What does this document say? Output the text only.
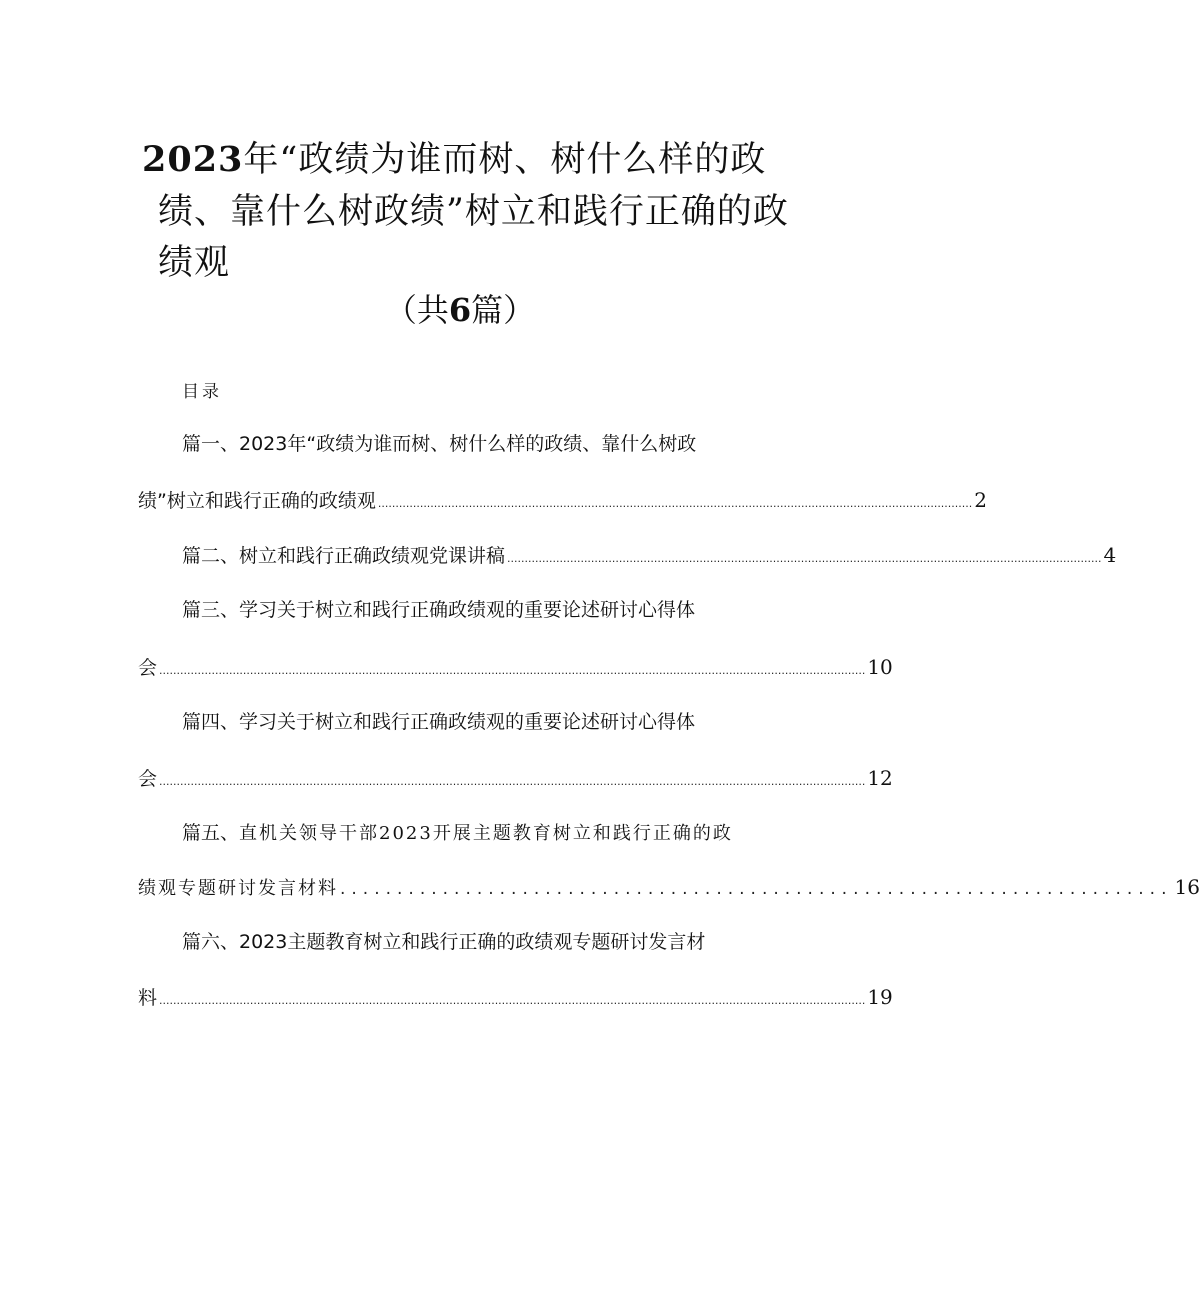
2023年“政绩为谁而树、树什么样的政
绩、靠什么树政绩”树立和践行正确的政
绩观
（共6篇）
目录
篇一、2023年“政绩为谁而树、树什么样的政绩、靠什么树政
绩”树立和践行正确的政绩观 .......................................................................................................................................................................... 2
篇二、树立和践行正确政绩观党课讲稿 .......................................................................................................................................................................... 4
篇三、学习关于树立和践行正确政绩观的重要论述研讨心得体
会 .......................................................................................................................................................................................................... 10
篇四、学习关于树立和践行正确政绩观的重要论述研讨心得体
会 .......................................................................................................................................................................................................... 12
篇五、直机关领导干部2023开展主题教育树立和践行正确的政
绩观专题研讨发言材料 ......................................................................... 16
篇六、2023主题教育树立和践行正确的政绩观专题研讨发言材
料 .......................................................................................................................................................................................................... 19
